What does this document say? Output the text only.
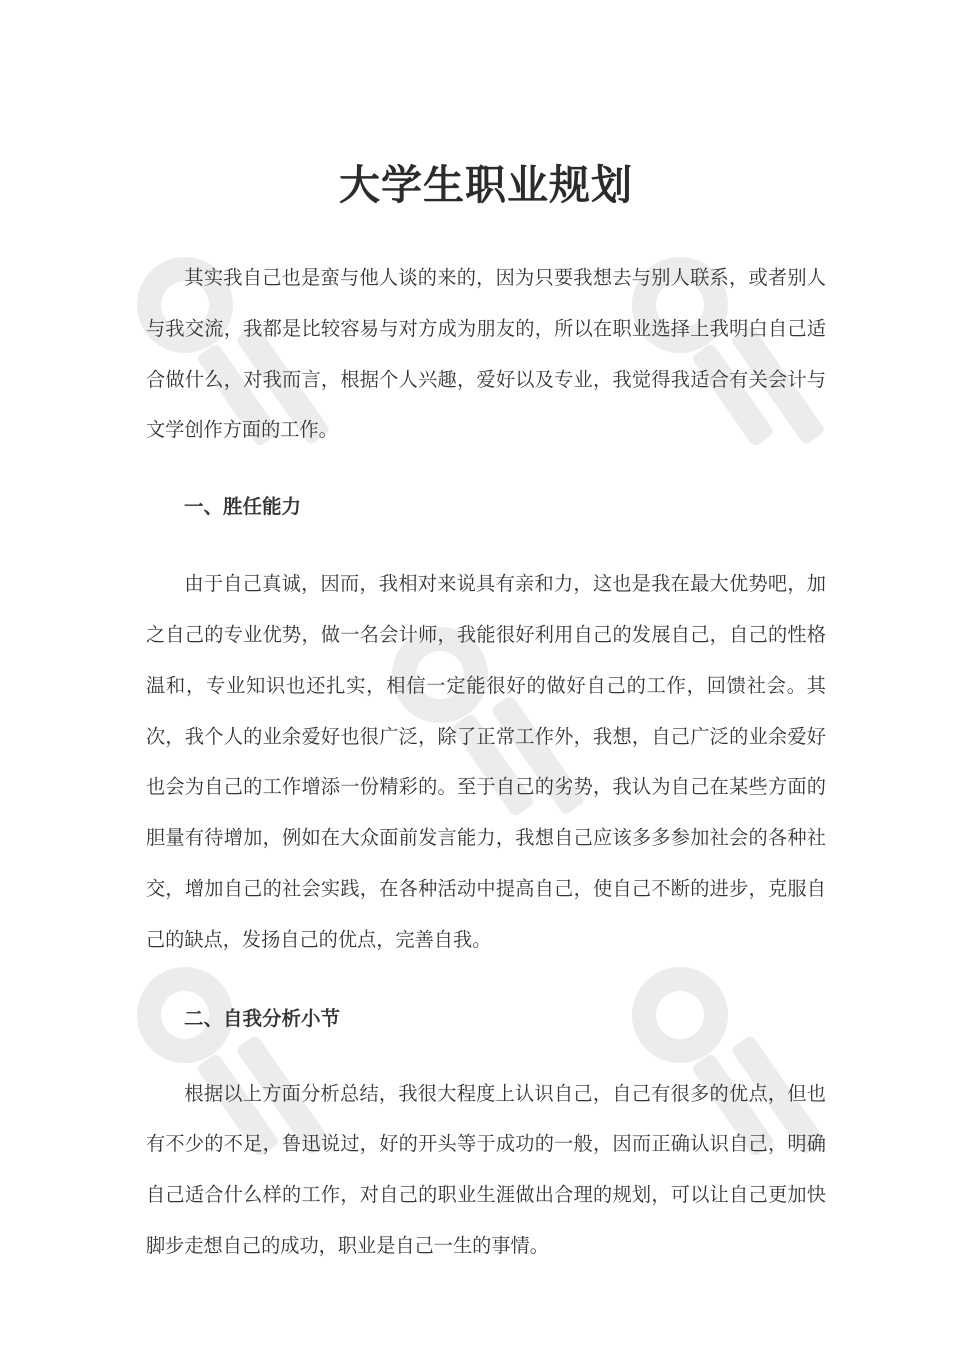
大学生职业规划

其实我自己也是蛮与他人谈的来的，因为只要我想去与别人联系，或者别人与我交流，我都是比较容易与对方成为朋友的，所以在职业选择上我明白自己适合做什么，对我而言，根据个人兴趣，爱好以及专业，我觉得我适合有关会计与文学创作方面的工作。

一、胜任能力

由于自己真诚，因而，我相对来说具有亲和力，这也是我在最大优势吧，加之自己的专业优势，做一名会计师，我能很好利用自己的发展自己，自己的性格温和，专业知识也还扎实，相信一定能很好的做好自己的工作，回馈社会。其次，我个人的业余爱好也很广泛，除了正常工作外，我想，自己广泛的业余爱好也会为自己的工作增添一份精彩的。至于自己的劣势，我认为自己在某些方面的胆量有待增加，例如在大众面前发言能力，我想自己应该多多参加社会的各种社交，增加自己的社会实践，在各种活动中提高自己，使自己不断的进步，克服自己的缺点，发扬自己的优点，完善自我。

二、自我分析小节

根据以上方面分析总结，我很大程度上认识自己，自己有很多的优点，但也有不少的不足，鲁迅说过，好的开头等于成功的一般，因而正确认识自己，明确自己适合什么样的工作，对自己的职业生涯做出合理的规划，可以让自己更加快脚步走想自己的成功，职业是自己一生的事情。
